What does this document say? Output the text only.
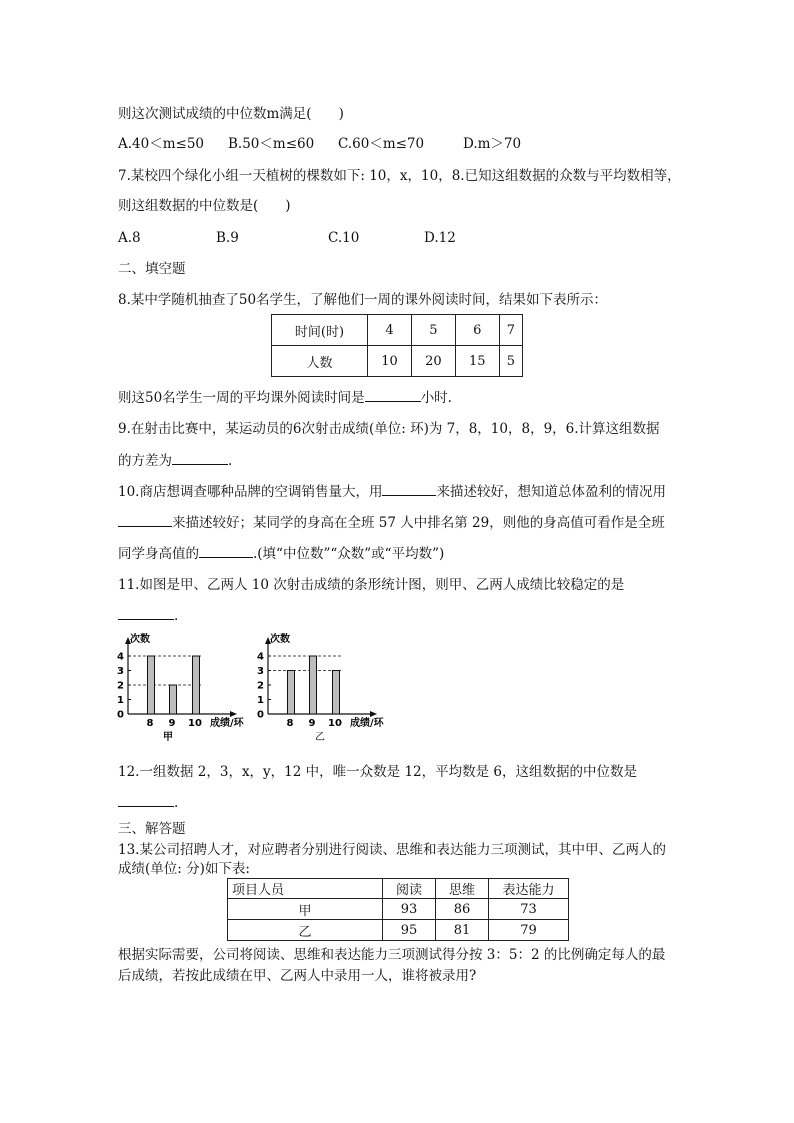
则这次测试成绩的中位数m满足(　　)
A.40＜m≤50 B.50＜m≤60 C.60＜m≤70	D.m＞70
7.某校四个绿化小组一天植树的棵数如下: 10，x，10，8.已知这组数据的众数与平均数相等，
则这组数据的中位数是(　　)
A.8	B.9	C.10	D.12
二、填空题
8.某中学随机抽查了50名学生，了解他们一周的课外阅读时间，结果如下表所示：
时间(时)	4	5	6	7
人数	10	20	15	5
则这50名学生一周的平均课外阅读时间是	小时.
9.在射击比赛中，某运动员的6次射击成绩(单位: 环)为 7，8，10，8，9，6.计算这组数据
的方差为	.
10.商店想调查哪种品牌的空调销售量大，用	来描述较好，想知道总体盈利的情况用
来描述较好；某同学的身高在全班 57 人中排名第 29，则他的身高值可看作是全班
同学身高值的	.(填“中位数”“众数”或“平均数”)
11.如图是甲、乙两人 10 次射击成绩的条形统计图，则甲、乙两人成绩比较稳定的是
.
次数
0
1
2
3
4
8 9 10 成绩/环
甲
次数
0
1
2
3
4
8 9 10 成绩/环
乙
12.一组数据 2，3，x，y，12 中，唯一众数是 12，平均数是 6，这组数据的中位数是
.
三、解答题
13.某公司招聘人才，对应聘者分别进行阅读、思维和表达能力三项测试，其中甲、乙两人的
成绩(单位: 分)如下表:
项目人员	阅读	思维	表达能力
甲	93	86	73
乙	95	81	79
根据实际需要，公司将阅读、思维和表达能力三项测试得分按 3：5：2 的比例确定每人的最
后成绩，若按此成绩在甲、乙两人中录用一人，谁将被录用?
